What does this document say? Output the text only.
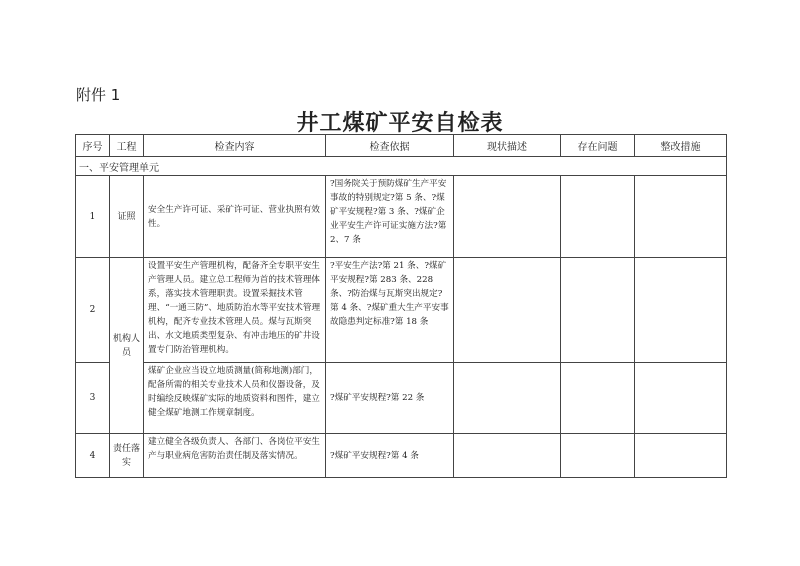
附件 1
井工煤矿平安自检表
序号	工程	检查内容	检查依据	现状描述	存在问题	整改措施
一、平安管理单元						
1	证照	安全生产许可证、采矿许可证、营业执照有效性。	?国务院关于预防煤矿生产平安事故的特别规定?第 5 条、?煤矿平安规程?第 3 条、?煤矿企业平安生产许可证实施方法?第 2、7 条			
2	机构人员	设置平安生产管理机构，配备齐全专职平安生产管理人员。建立总工程师为首的技术管理体系，落实技术管理职责。设置采掘技术管理、“一通三防”、地质防治水等平安技术管理机构，配齐专业技术管理人员。煤与瓦斯突出、水文地质类型复杂、有冲击地压的矿井设置专门防治管理机构。	?平安生产法?第 21 条、?煤矿平安规程?第 283 条、228 条、?防治煤与瓦斯突出规定?第 4 条、?煤矿重大生产平安事故隐患判定标准?第 18 条			
3		煤矿企业应当设立地质测量(简称地测)部门，配备所需的相关专业技术人员和仪器设备，及时编绘反映煤矿实际的地质资料和图件，建立健全煤矿地测工作规章制度。	?煤矿平安规程?第 22 条			
4	责任落实	建立健全各级负责人、各部门、各岗位平安生产与职业病危害防治责任制及落实情况。	?煤矿平安规程?第 4 条			
